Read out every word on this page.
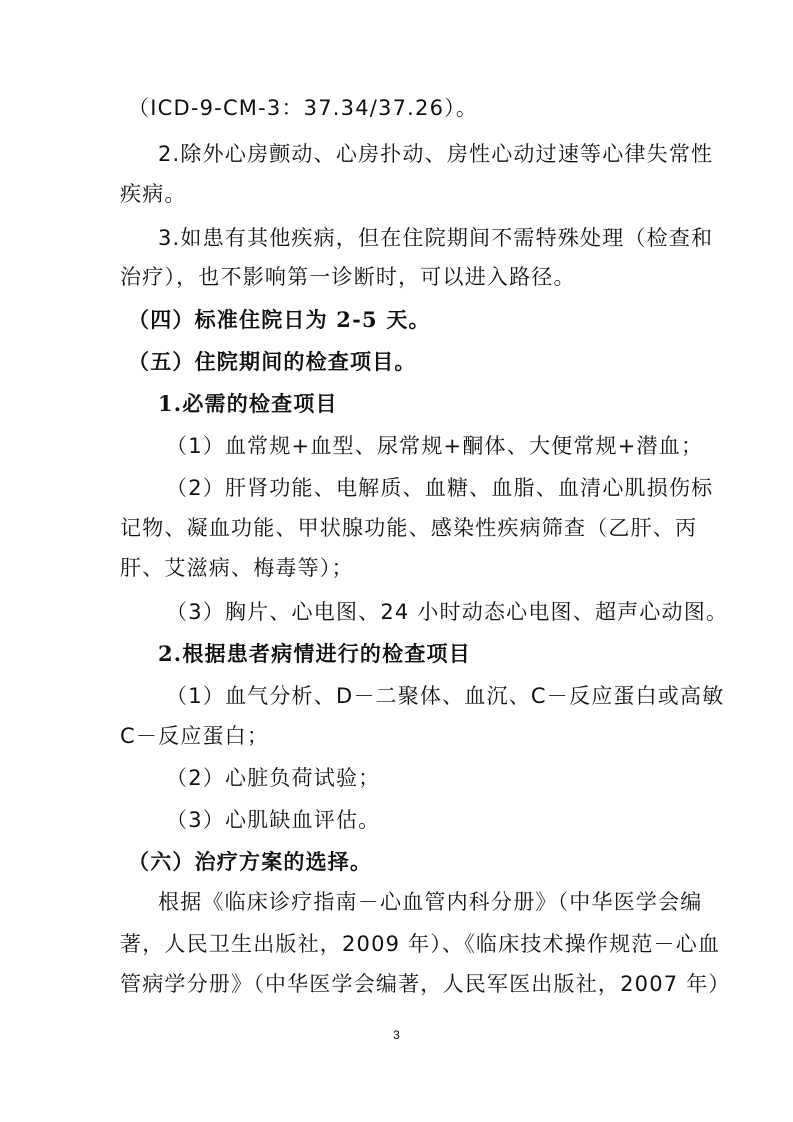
（ICD-9-CM-3：37.34/37.26）。
2.除外心房颤动、心房扑动、房性心动过速等心律失常性
疾病。
3.如患有其他疾病，但在住院期间不需特殊处理（检查和
治疗），也不影响第一诊断时，可以进入路径。
（四）标准住院日为 2-5 天。
（五）住院期间的检查项目。
1.必需的检查项目
（1）血常规+血型、尿常规+酮体、大便常规+潜血；
（2）肝肾功能、电解质、血糖、血脂、血清心肌损伤标
记物、凝血功能、甲状腺功能、感染性疾病筛查（乙肝、丙
肝、艾滋病、梅毒等）；
（3）胸片、心电图、24 小时动态心电图、超声心动图。
2.根据患者病情进行的检查项目
（1）血气分析、D－二聚体、血沉、C－反应蛋白或高敏
C－反应蛋白；
（2）心脏负荷试验；
（3）心肌缺血评估。
（六）治疗方案的选择。
根据《临床诊疗指南－心血管内科分册》（中华医学会编
著，人民卫生出版社，2009 年）、《临床技术操作规范－心血
管病学分册》（中华医学会编著，人民军医出版社，2007 年）
3
